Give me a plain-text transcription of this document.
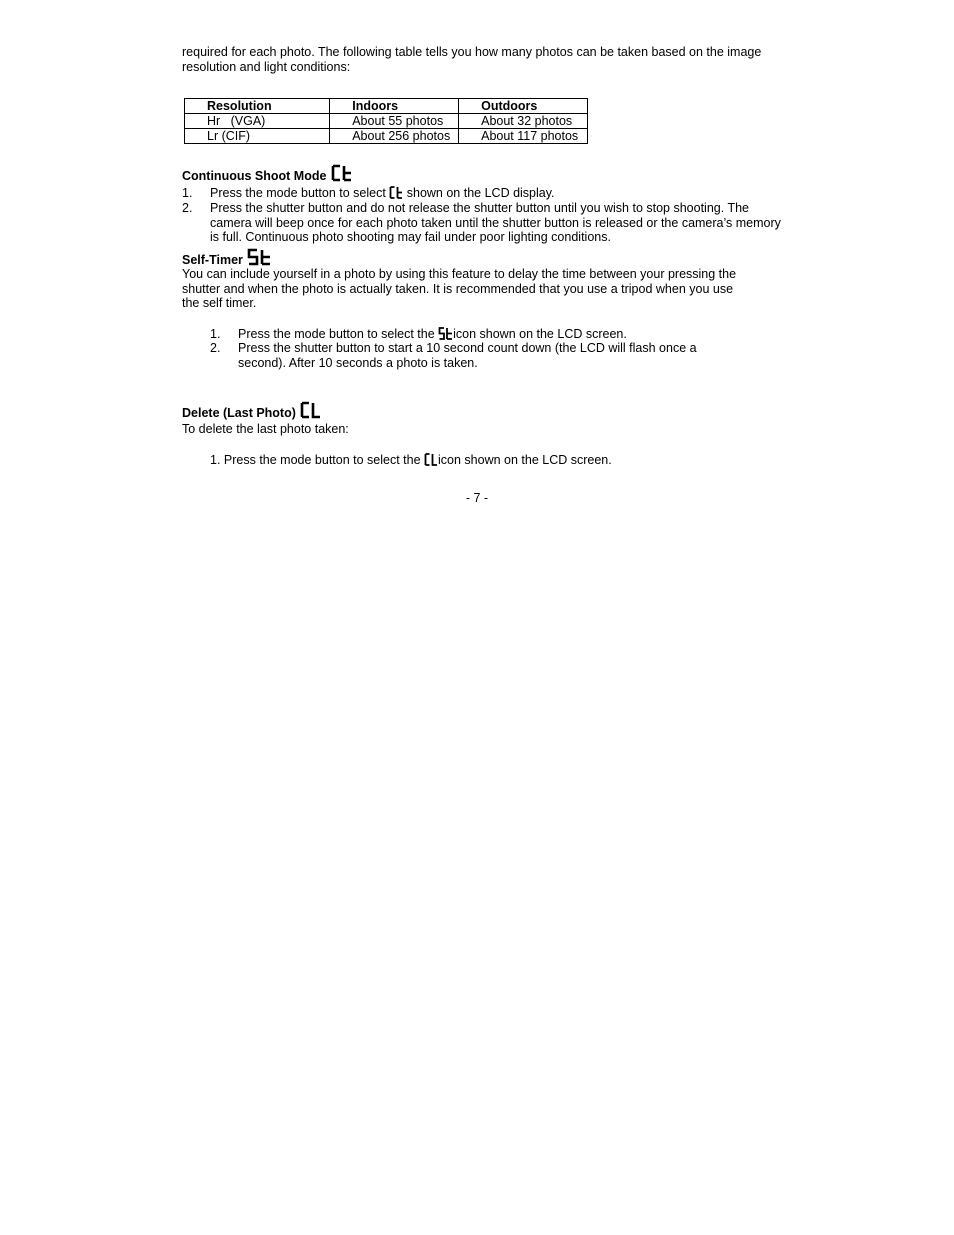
required for each photo. The following table tells you how many photos can be taken based on the image resolution and light conditions:
Resolution	Indoors	Outdoors
Hr   (VGA)	About 55 photos	About 32 photos
Lr (CIF)	About 256 photos	About 117 photos
Continuous Shoot Mode
1. Press the mode button to select  shown on the LCD display.
2. Press the shutter button and do not release the shutter button until you wish to stop shooting. The camera will beep once for each photo taken until the shutter button is released or the camera’s memory is full. Continuous photo shooting may fail under poor lighting conditions.
Self-Timer
You can include yourself in a photo by using this feature to delay the time between your pressing the shutter and when the photo is actually taken. It is recommended that you use a tripod when you use the self timer.
1. Press the mode button to select the icon shown on the LCD screen.
2. Press the shutter button to start a 10 second count down (the LCD will flash once a second). After 10 seconds a photo is taken.
Delete (Last Photo)
To delete the last photo taken:
1. Press the mode button to select the icon shown on the LCD screen.
- 7 -
